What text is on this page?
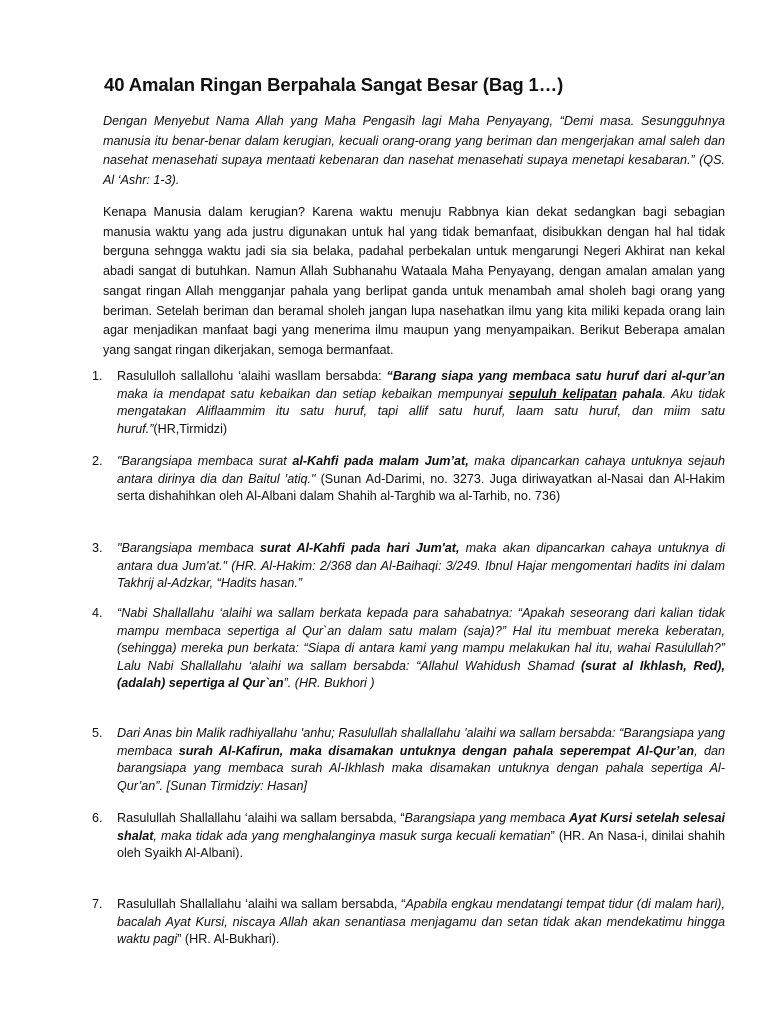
40 Amalan Ringan Berpahala Sangat Besar (Bag 1…)

Dengan Menyebut Nama Allah yang Maha Pengasih lagi Maha Penyayang, “Demi masa. Sesungguhnya manusia itu benar-benar dalam kerugian, kecuali orang-orang yang beriman dan mengerjakan amal saleh dan nasehat menasehati supaya mentaati kebenaran dan nasehat menasehati supaya menetapi kesabaran.” (QS. Al ‘Ashr: 1-3).

Kenapa Manusia dalam kerugian? Karena waktu menuju Rabbnya kian dekat sedangkan bagi sebagian manusia waktu yang ada justru digunakan untuk hal yang tidak bemanfaat, disibukkan dengan hal hal tidak berguna sehngga waktu jadi sia sia belaka, padahal perbekalan untuk mengarungi Negeri Akhirat nan kekal abadi sangat di butuhkan. Namun Allah Subhanahu Wataala Maha Penyayang, dengan amalan amalan yang sangat ringan Allah mengganjar pahala yang berlipat ganda untuk menambah amal sholeh bagi orang yang beriman. Setelah beriman dan beramal sholeh jangan lupa nasehatkan ilmu yang kita miliki kepada orang lain agar menjadikan manfaat bagi yang menerima ilmu maupun yang menyampaikan. Berikut Beberapa amalan yang sangat ringan dikerjakan, semoga bermanfaat.

1. Rasululloh sallallohu ‘alaihi wasllam bersabda: “Barang siapa yang membaca satu huruf dari al-qur’an maka ia mendapat satu kebaikan dan setiap kebaikan mempunyai sepuluh kelipatan pahala. Aku tidak mengatakan Aliflaammim itu satu huruf, tapi allif satu huruf, laam satu huruf, dan miim satu huruf.”(HR,Tirmidzi)

2. "Barangsiapa membaca surat al-Kahfi pada malam Jum’at, maka dipancarkan cahaya untuknya sejauh antara dirinya dia dan Baitul 'atiq." (Sunan Ad-Darimi, no. 3273. Juga diriwayatkan al-Nasai dan Al-Hakim serta dishahihkan oleh Al-Albani dalam Shahih al-Targhib wa al-Tarhib, no. 736)

3. "Barangsiapa membaca surat Al-Kahfi pada hari Jum'at, maka akan dipancarkan cahaya untuknya di antara dua Jum'at." (HR. Al-Hakim: 2/368 dan Al-Baihaqi: 3/249. Ibnul Hajar mengomentari hadits ini dalam Takhrij al-Adzkar, “Hadits hasan.”

4. “Nabi Shallallahu ‘alaihi wa sallam berkata kepada para sahabatnya: “Apakah seseorang dari kalian tidak mampu membaca sepertiga al Qur`an dalam satu malam (saja)?” Hal itu membuat mereka keberatan, (sehingga) mereka pun berkata: “Siapa di antara kami yang mampu melakukan hal itu, wahai Rasulullah?” Lalu Nabi Shallallahu ‘alaihi wa sallam bersabda: “Allahul Wahidush Shamad (surat al Ikhlash, Red), (adalah) sepertiga al Qur`an”. (HR. Bukhori )

5. Dari Anas bin Malik radhiyallahu 'anhu; Rasulullah shallallahu 'alaihi wa sallam bersabda: “Barangsiapa yang membaca surah Al-Kafirun, maka disamakan untuknya dengan pahala seperempat Al-Qur’an, dan barangsiapa yang membaca surah Al-Ikhlash maka disamakan untuknya dengan pahala sepertiga Al-Qur’an”. [Sunan Tirmidziy: Hasan]

6. Rasulullah Shallallahu ‘alaihi wa sallam bersabda, “Barangsiapa yang membaca Ayat Kursi setelah selesai shalat, maka tidak ada yang menghalanginya masuk surga kecuali kematian” (HR. An Nasa-i, dinilai shahih oleh Syaikh Al-Albani).

7. Rasulullah Shallallahu ‘alaihi wa sallam bersabda, “Apabila engkau mendatangi tempat tidur (di malam hari), bacalah Ayat Kursi, niscaya Allah akan senantiasa menjagamu dan setan tidak akan mendekatimu hingga waktu pagi” (HR. Al-Bukhari).
